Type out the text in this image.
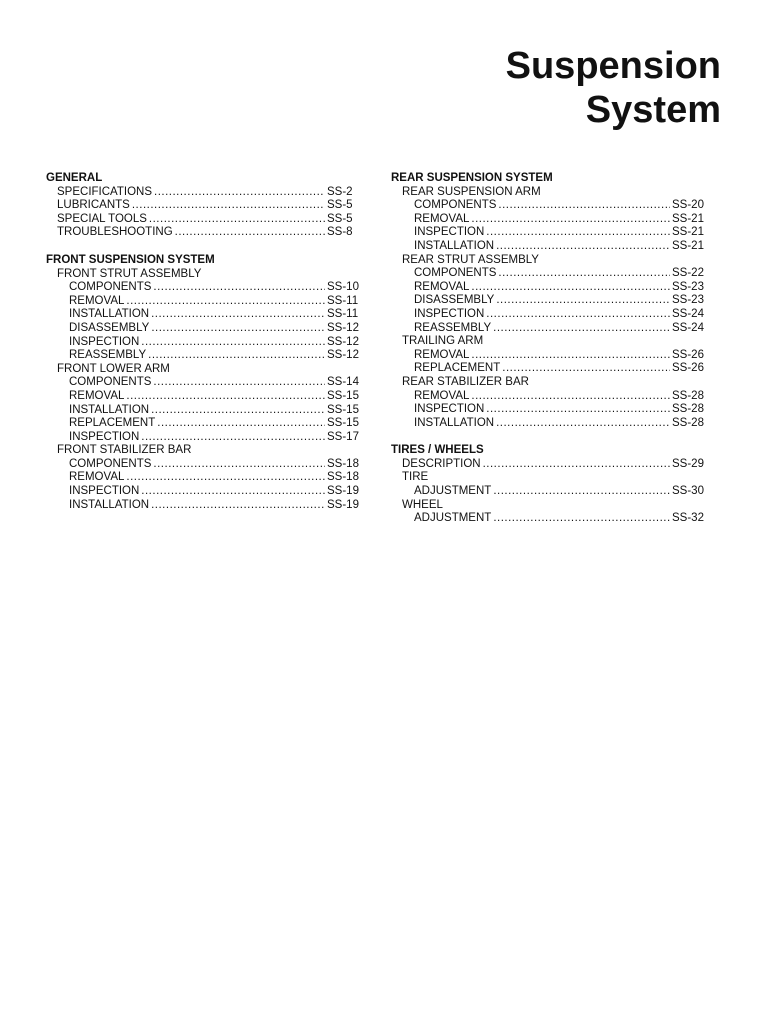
Suspension
System
GENERAL
SPECIFICATIONS .....	SS-2
LUBRICANTS .....	SS-5
SPECIAL TOOLS .....	SS-5
TROUBLESHOOTING .....	SS-8
FRONT SUSPENSION SYSTEM
FRONT STRUT ASSEMBLY
COMPONENTS .....	SS-10
REMOVAL .....	SS-11
INSTALLATION .....	SS-11
DISASSEMBLY .....	SS-12
INSPECTION .....	SS-12
REASSEMBLY .....	SS-12
FRONT LOWER ARM
COMPONENTS .....	SS-14
REMOVAL .....	SS-15
INSTALLATION .....	SS-15
REPLACEMENT .....	SS-15
INSPECTION .....	SS-17
FRONT STABILIZER BAR
COMPONENTS .....	SS-18
REMOVAL .....	SS-18
INSPECTION .....	SS-19
INSTALLATION .....	SS-19
REAR SUSPENSION SYSTEM
REAR SUSPENSION ARM
COMPONENTS .....	SS-20
REMOVAL .....	SS-21
INSPECTION .....	SS-21
INSTALLATION .....	SS-21
REAR STRUT ASSEMBLY
COMPONENTS .....	SS-22
REMOVAL .....	SS-23
DISASSEMBLY .....	SS-23
INSPECTION .....	SS-24
REASSEMBLY .....	SS-24
TRAILING ARM
REMOVAL .....	SS-26
REPLACEMENT .....	SS-26
REAR STABILIZER BAR
REMOVAL .....	SS-28
INSPECTION .....	SS-28
INSTALLATION .....	SS-28
TIRES / WHEELS
DESCRIPTION .....	SS-29
TIRE
ADJUSTMENT .....	SS-30
WHEEL
ADJUSTMENT .....	SS-32
